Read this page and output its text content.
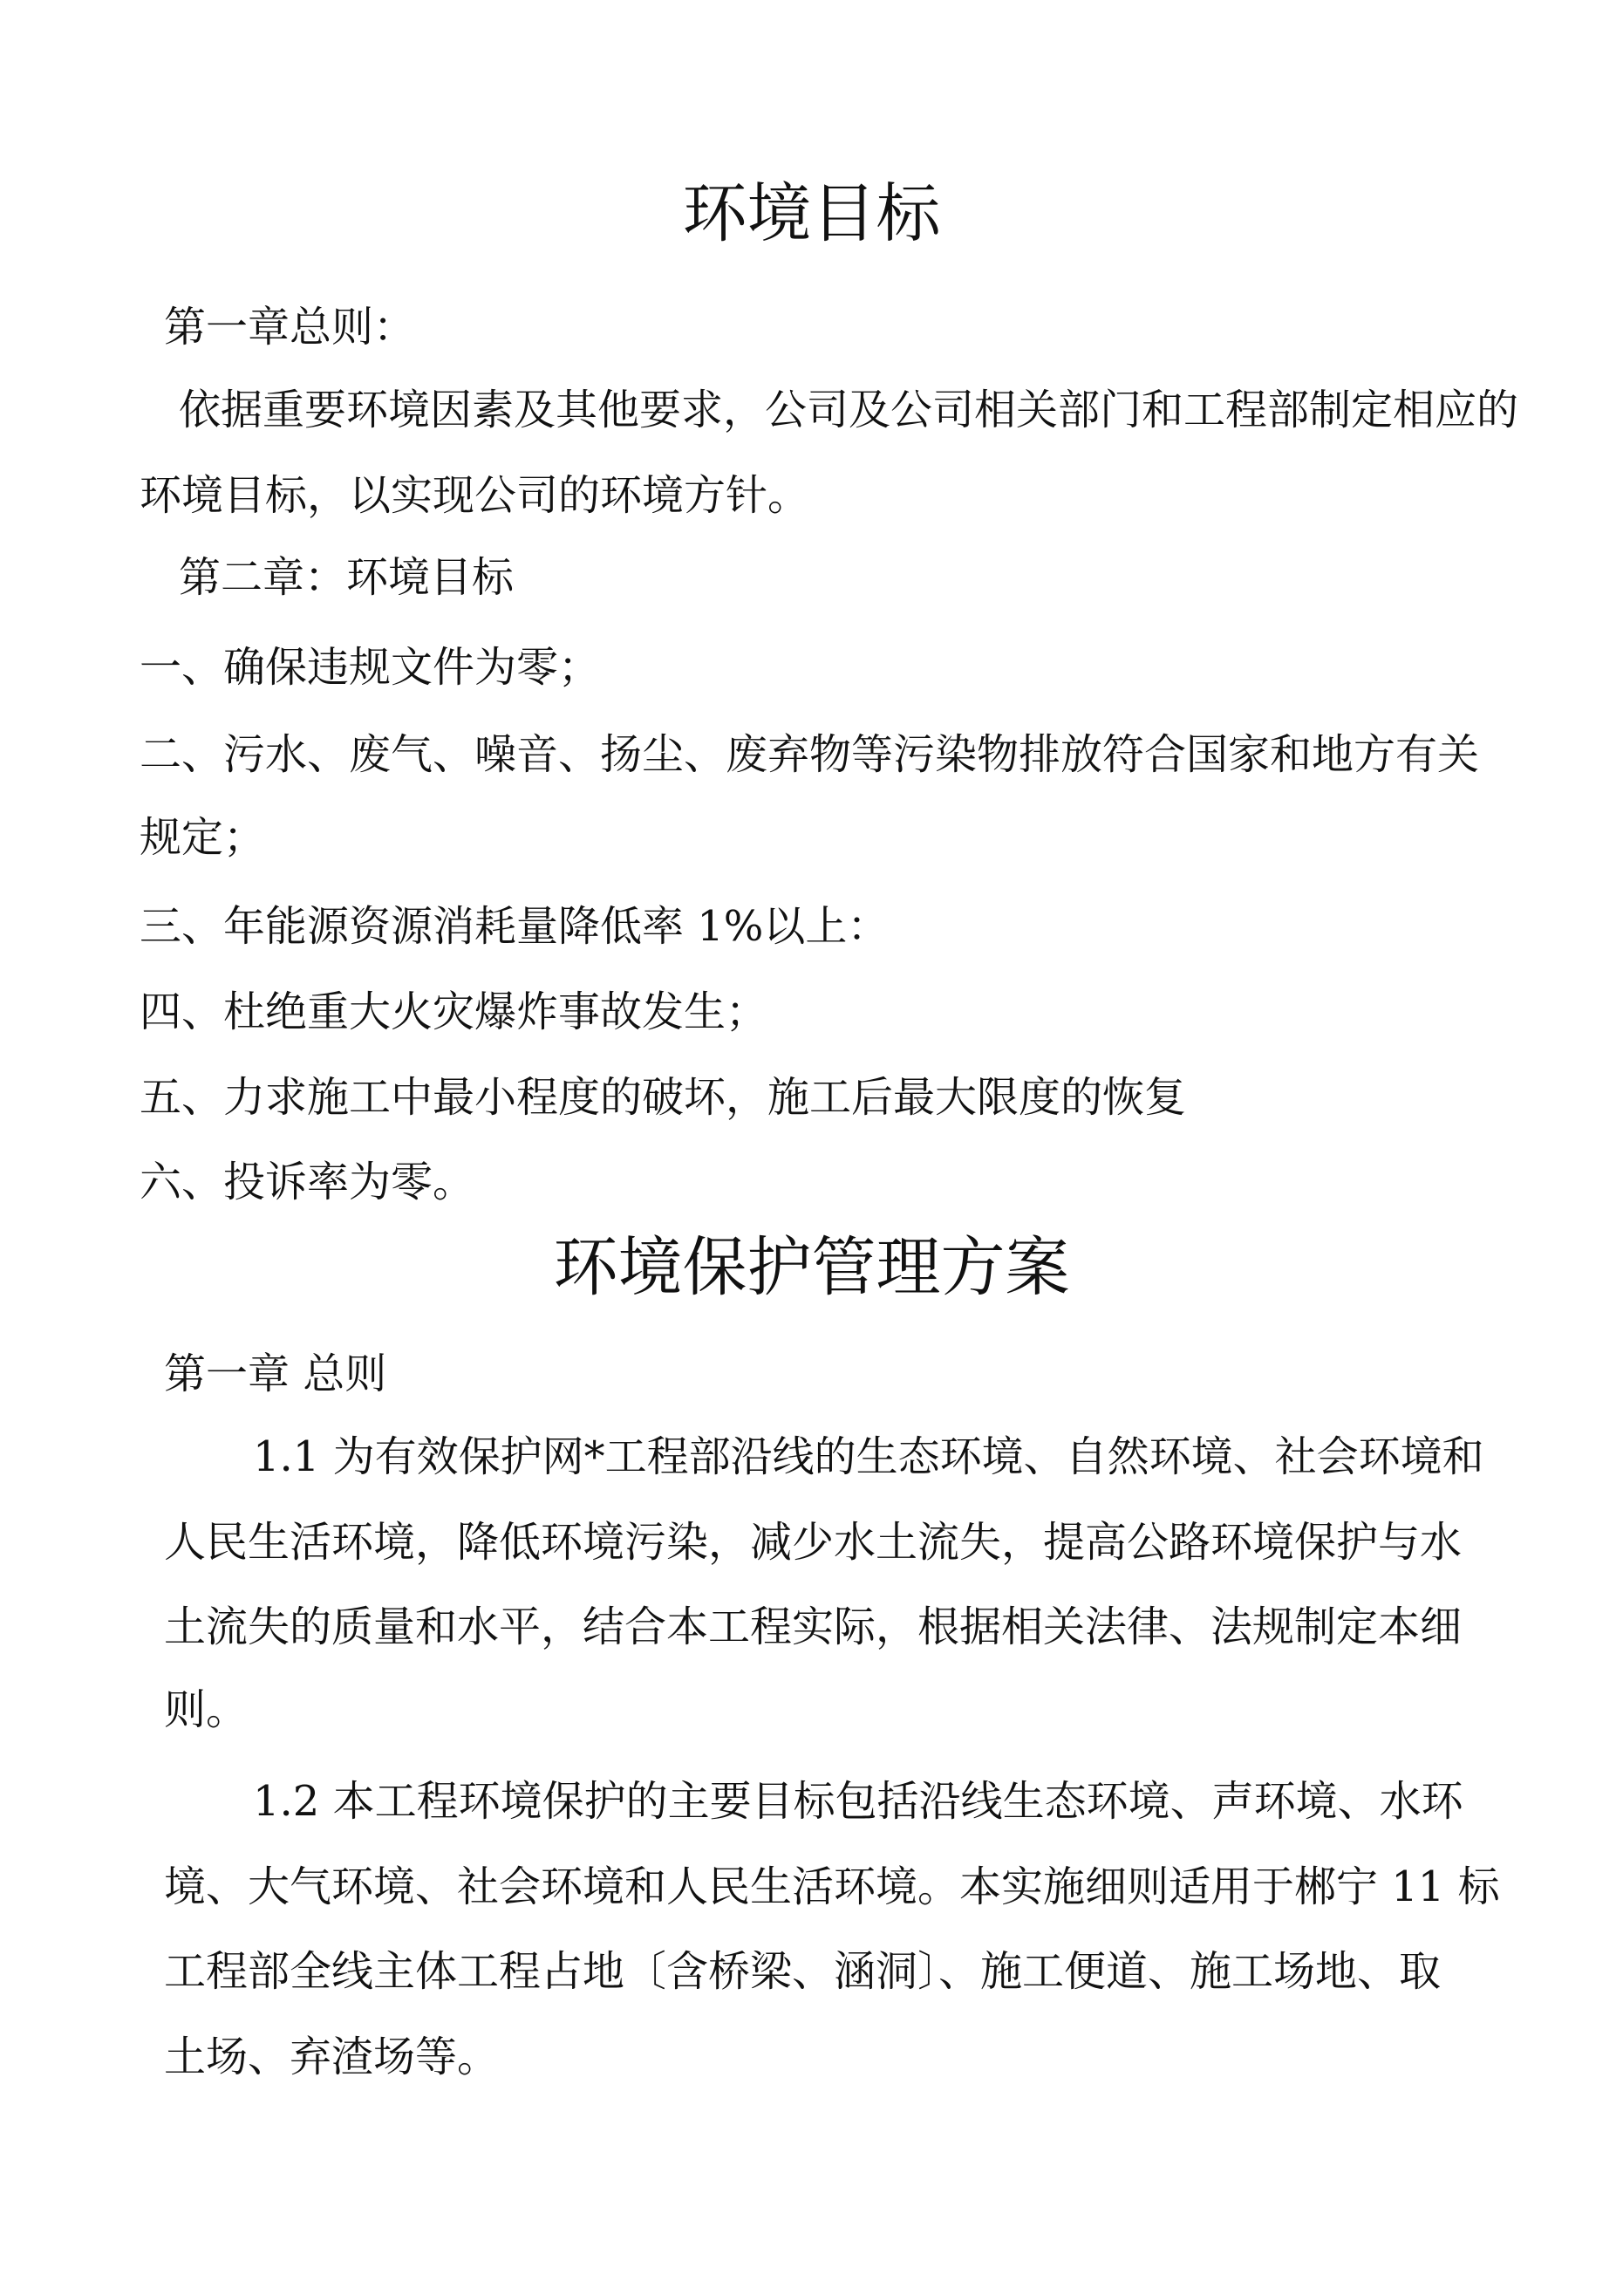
环境目标
第一章总则：
依据重要环境因素及其他要求，公司及公司相关部门和工程部制定相应的
环境目标，以实现公司的环境方针。
第二章：环境目标
一、确保违规文件为零；
二、污水、废气、噪音、扬尘、废弃物等污染物排放符合国家和地方有关
规定；
三、年能源资源消耗量降低率 1%以上：
四、杜绝重大火灾爆炸事故发生；
五、力求施工中最小程度的破坏，施工后最大限度的恢复
六、投诉率为零。
环境保护管理方案
第一章 总则
1.1 为有效保护网*工程部沿线的生态环境、自然环境、社会环境和
人民生活环境，降低环境污染，减少水土流失，提高公路环境保护与水
土流失的质量和水平，结合本工程实际，根据相关法律、法规制定本细
则。
1.2 本工程环境保护的主要目标包括沿线生态环境、声环境、水环
境、大气环境、社会环境和人民生活环境。本实施细则适用于郴宁 11 标
工程部全线主体工程占地〔含桥梁、涵洞〕、施工便道、施工场地、取
土场、弃渣场等。
